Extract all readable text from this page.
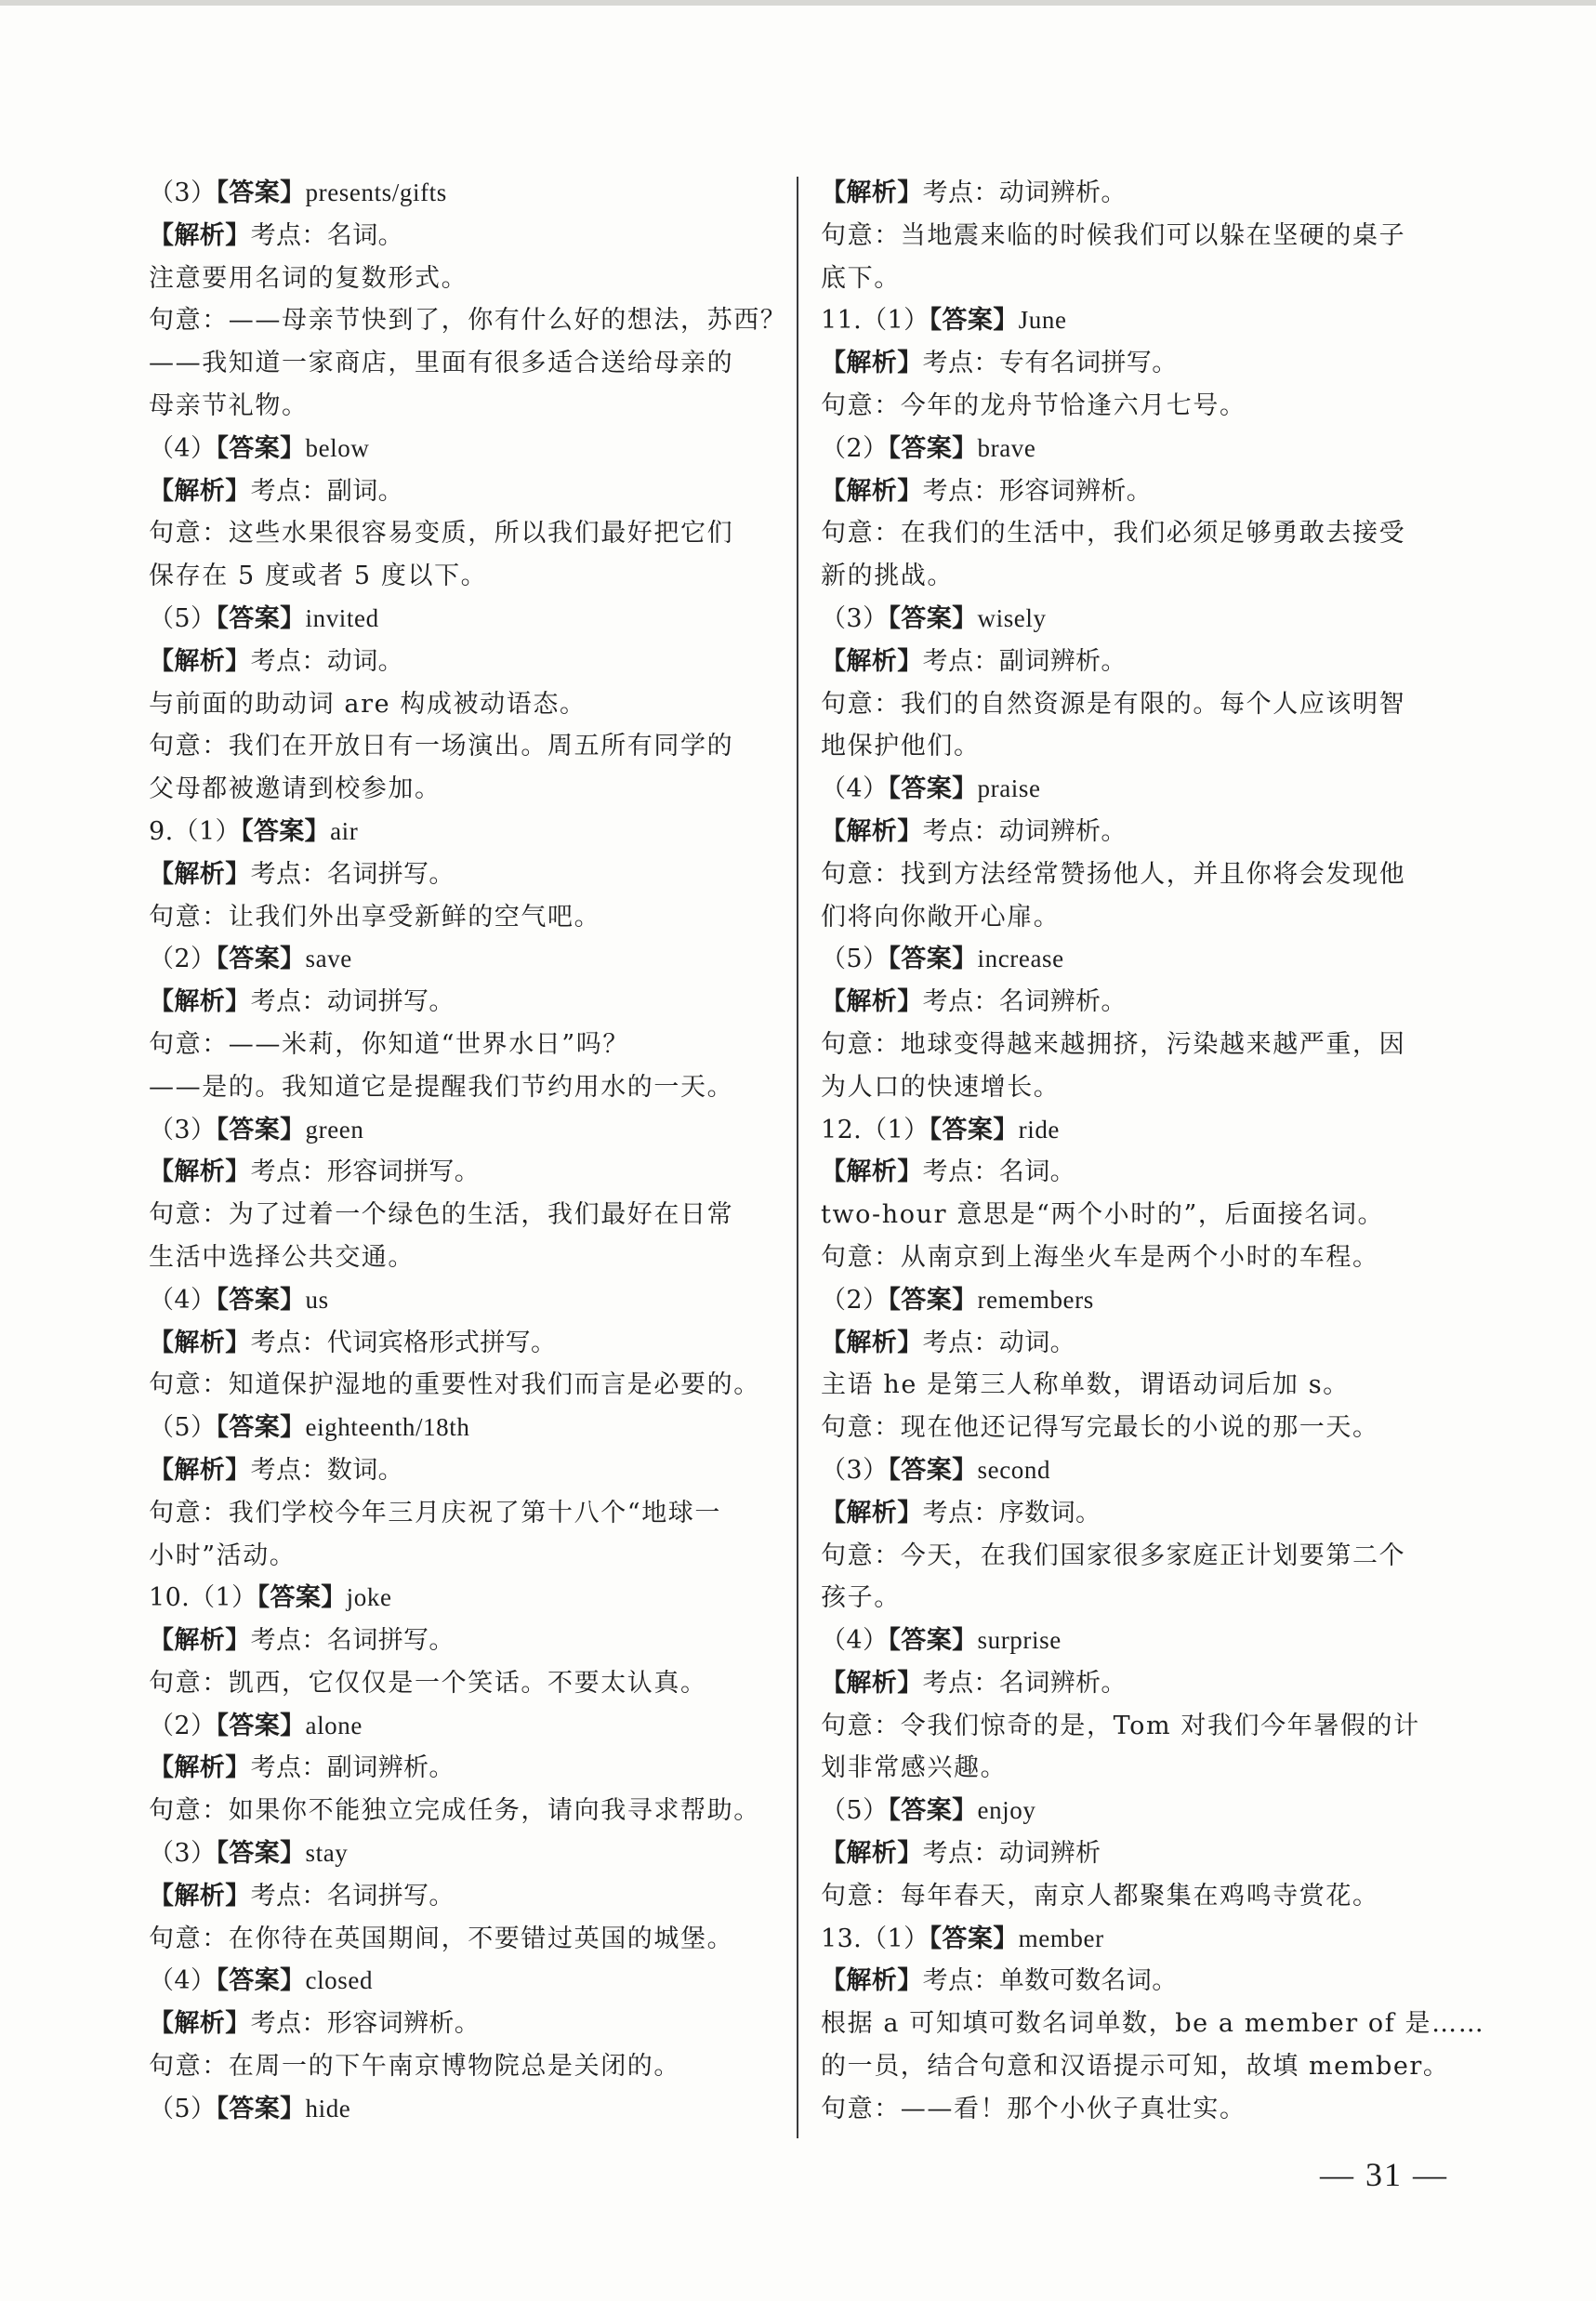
（3）【答案】presents/gifts
【解析】考点：名词。
注意要用名词的复数形式。
句意：——母亲节快到了，你有什么好的想法，苏西？
——我知道一家商店，里面有很多适合送给母亲的
母亲节礼物。
（4）【答案】below
【解析】考点：副词。
句意：这些水果很容易变质，所以我们最好把它们
保存在 5 度或者 5 度以下。
（5）【答案】invited
【解析】考点：动词。
与前面的助动词 are 构成被动语态。
句意：我们在开放日有一场演出。周五所有同学的
父母都被邀请到校参加。
9.（1）【答案】air
【解析】考点：名词拼写。
句意：让我们外出享受新鲜的空气吧。
（2）【答案】save
【解析】考点：动词拼写。
句意：——米莉，你知道“世界水日”吗？
——是的。我知道它是提醒我们节约用水的一天。
（3）【答案】green
【解析】考点：形容词拼写。
句意：为了过着一个绿色的生活，我们最好在日常
生活中选择公共交通。
（4）【答案】us
【解析】考点：代词宾格形式拼写。
句意：知道保护湿地的重要性对我们而言是必要的。
（5）【答案】eighteenth/18th
【解析】考点：数词。
句意：我们学校今年三月庆祝了第十八个“地球一
小时”活动。
10.（1）【答案】joke
【解析】考点：名词拼写。
句意：凯西，它仅仅是一个笑话。不要太认真。
（2）【答案】alone
【解析】考点：副词辨析。
句意：如果你不能独立完成任务，请向我寻求帮助。
（3）【答案】stay
【解析】考点：名词拼写。
句意：在你待在英国期间，不要错过英国的城堡。
（4）【答案】closed
【解析】考点：形容词辨析。
句意：在周一的下午南京博物院总是关闭的。
（5）【答案】hide
【解析】考点：动词辨析。
句意：当地震来临的时候我们可以躲在坚硬的桌子
底下。
11.（1）【答案】June
【解析】考点：专有名词拼写。
句意：今年的龙舟节恰逢六月七号。
（2）【答案】brave
【解析】考点：形容词辨析。
句意：在我们的生活中，我们必须足够勇敢去接受
新的挑战。
（3）【答案】wisely
【解析】考点：副词辨析。
句意：我们的自然资源是有限的。每个人应该明智
地保护他们。
（4）【答案】praise
【解析】考点：动词辨析。
句意：找到方法经常赞扬他人，并且你将会发现他
们将向你敞开心扉。
（5）【答案】increase
【解析】考点：名词辨析。
句意：地球变得越来越拥挤，污染越来越严重，因
为人口的快速增长。
12.（1）【答案】ride
【解析】考点：名词。
two-hour 意思是“两个小时的”，后面接名词。
句意：从南京到上海坐火车是两个小时的车程。
（2）【答案】remembers
【解析】考点：动词。
主语 he 是第三人称单数，谓语动词后加 s。
句意：现在他还记得写完最长的小说的那一天。
（3）【答案】second
【解析】考点：序数词。
句意：今天，在我们国家很多家庭正计划要第二个
孩子。
（4）【答案】surprise
【解析】考点：名词辨析。
句意：令我们惊奇的是，Tom 对我们今年暑假的计
划非常感兴趣。
（5）【答案】enjoy
【解析】考点：动词辨析
句意：每年春天，南京人都聚集在鸡鸣寺赏花。
13.（1）【答案】member
【解析】考点：单数可数名词。
根据 a 可知填可数名词单数，be a member of 是……
的一员，结合句意和汉语提示可知，故填 member。
句意：——看！那个小伙子真壮实。
— 31 —
